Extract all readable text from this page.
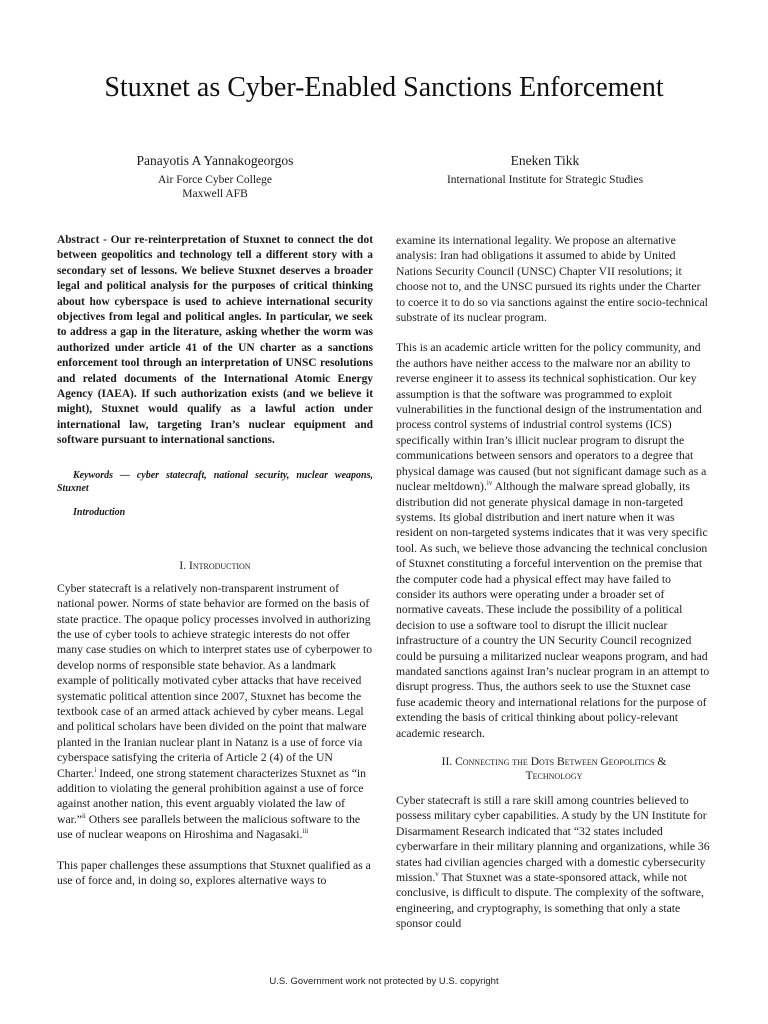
Stuxnet as Cyber-Enabled Sanctions Enforcement
Panayotis A Yannakogeorgos
Air Force Cyber College
Maxwell AFB
Eneken Tikk
International Institute for Strategic Studies

Abstract - Our re-reinterpretation of Stuxnet to connect the dot between geopolitics and technology tell a different story with a secondary set of lessons. We believe Stuxnet deserves a broader legal and political analysis for the purposes of critical thinking about how cyberspace is used to achieve international security objectives from legal and political angles. In particular, we seek to address a gap in the literature, asking whether the worm was authorized under article 41 of the UN charter as a sanctions enforcement tool through an interpretation of UNSC resolutions and related documents of the International Atomic Energy Agency (IAEA). If such authorization exists (and we believe it might), Stuxnet would qualify as a lawful action under international law, targeting Iran’s nuclear equipment and software pursuant to international sanctions.

Keywords — cyber statecraft, national security, nuclear weapons, Stuxnet

Introduction
I. Introduction

Cyber statecraft is a relatively non-transparent instrument of national power. Norms of state behavior are formed on the basis of state practice. The opaque policy processes involved in authorizing the use of cyber tools to achieve strategic interests do not offer many case studies on which to interpret states use of cyberpower to develop norms of responsible state behavior. As a landmark example of politically motivated cyber attacks that have received systematic political attention since 2007, Stuxnet has become the textbook case of an armed attack achieved by cyber means. Legal and political scholars have been divided on the point that malware planted in the Iranian nuclear plant in Natanz is a use of force via cyberspace satisfying the criteria of Article 2 (4) of the UN Charter.$^i$ Indeed, one strong statement characterizes Stuxnet as “in addition to violating the general prohibition against a use of force against another nation, this event arguably violated the law of war.”$^{ii}$ Others see parallels between the malicious software to the use of nuclear weapons on Hiroshima and Nagasaki.$^{iii}$

This paper challenges these assumptions that Stuxnet qualified as a use of force and, in doing so, explores alternative ways to

examine its international legality. We propose an alternative analysis: Iran had obligations it assumed to abide by United Nations Security Council (UNSC) Chapter VII resolutions; it choose not to, and the UNSC pursued its rights under the Charter to coerce it to do so via sanctions against the entire socio-technical substrate of its nuclear program.

This is an academic article written for the policy community, and the authors have neither access to the malware nor an ability to reverse engineer it to assess its technical sophistication. Our key assumption is that the software was programmed to exploit vulnerabilities in the functional design of the instrumentation and process control systems of industrial control systems (ICS) specifically within Iran’s illicit nuclear program to disrupt the communications between sensors and operators to a degree that physical damage was caused (but not significant damage such as a nuclear meltdown).$^{iv}$ Although the malware spread globally, its distribution did not generate physical damage in non-targeted systems. Its global distribution and inert nature when it was resident on non-targeted systems indicates that it was very specific tool. As such, we believe those advancing the technical conclusion of Stuxnet constituting a forceful intervention on the premise that the computer code had a physical effect may have failed to consider its authors were operating under a broader set of normative caveats. These include the possibility of a political decision to use a software tool to disrupt the illicit nuclear infrastructure of a country the UN Security Council recognized could be pursuing a militarized nuclear weapons program, and had mandated sanctions against Iran’s nuclear program in an attempt to disrupt progress. Thus, the authors seek to use the Stuxnet case fuse academic theory and international relations for the purpose of extending the basis of critical thinking about policy-relevant academic research.

II. Connecting the Dots Between Geopolitics &
Technology

Cyber statecraft is still a rare skill among countries believed to possess military cyber capabilities. A study by the UN Institute for Disarmament Research indicated that “32 states included cyberwarfare in their military planning and organizations, while 36 states had civilian agencies charged with a domestic cybersecurity mission.$^v$ That Stuxnet was a state-sponsored attack, while not conclusive, is difficult to dispute. The complexity of the software, engineering, and cryptography, is something that only a state sponsor could

U.S. Government work not protected by U.S. copyright
